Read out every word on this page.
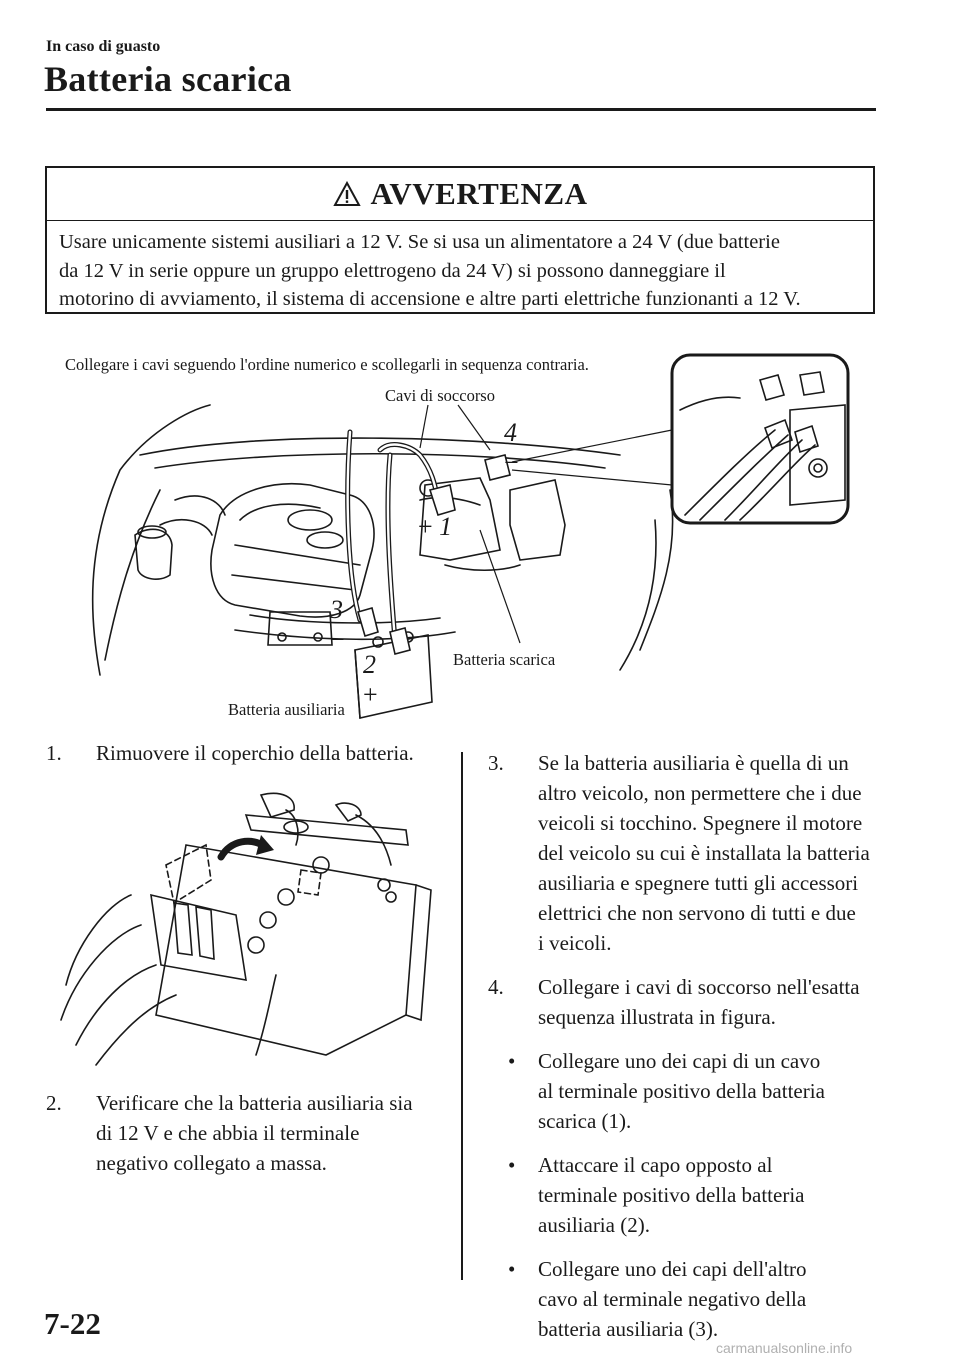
In caso di guasto
Batteria scarica
AVVERTENZA
Usare unicamente sistemi ausiliari a 12 V. Se si usa un alimentatore a 24 V (due batterie
da 12 V in serie oppure un gruppo elettrogeno da 24 V) si possono danneggiare il
motorino di avviamento, il sistema di accensione e altre parti elettriche funzionanti a 12 V.
Collegare i cavi seguendo l'ordine numerico e scollegarli in sequenza contraria.
Cavi di soccorso
Batteria scarica
Batteria ausiliaria
+ 1
2
+
3
−
4
−

1. Rimuovere il coperchio della batteria.

2. Verificare che la batteria ausiliaria sia
di 12 V e che abbia il terminale
negativo collegato a massa.

3. Se la batteria ausiliaria è quella di un
altro veicolo, non permettere che i due
veicoli si tocchino. Spegnere il motore
del veicolo su cui è installata la batteria
ausiliaria e spegnere tutti gli accessori
elettrici che non servono di tutti e due
i veicoli.

4. Collegare i cavi di soccorso nell'esatta
sequenza illustrata in figura.

• Collegare uno dei capi di un cavo
al terminale positivo della batteria
scarica (1).

• Attaccare il capo opposto al
terminale positivo della batteria
ausiliaria (2).

• Collegare uno dei capi dell'altro
cavo al terminale negativo della
batteria ausiliaria (3).

7-22
carmanualsonline.info
